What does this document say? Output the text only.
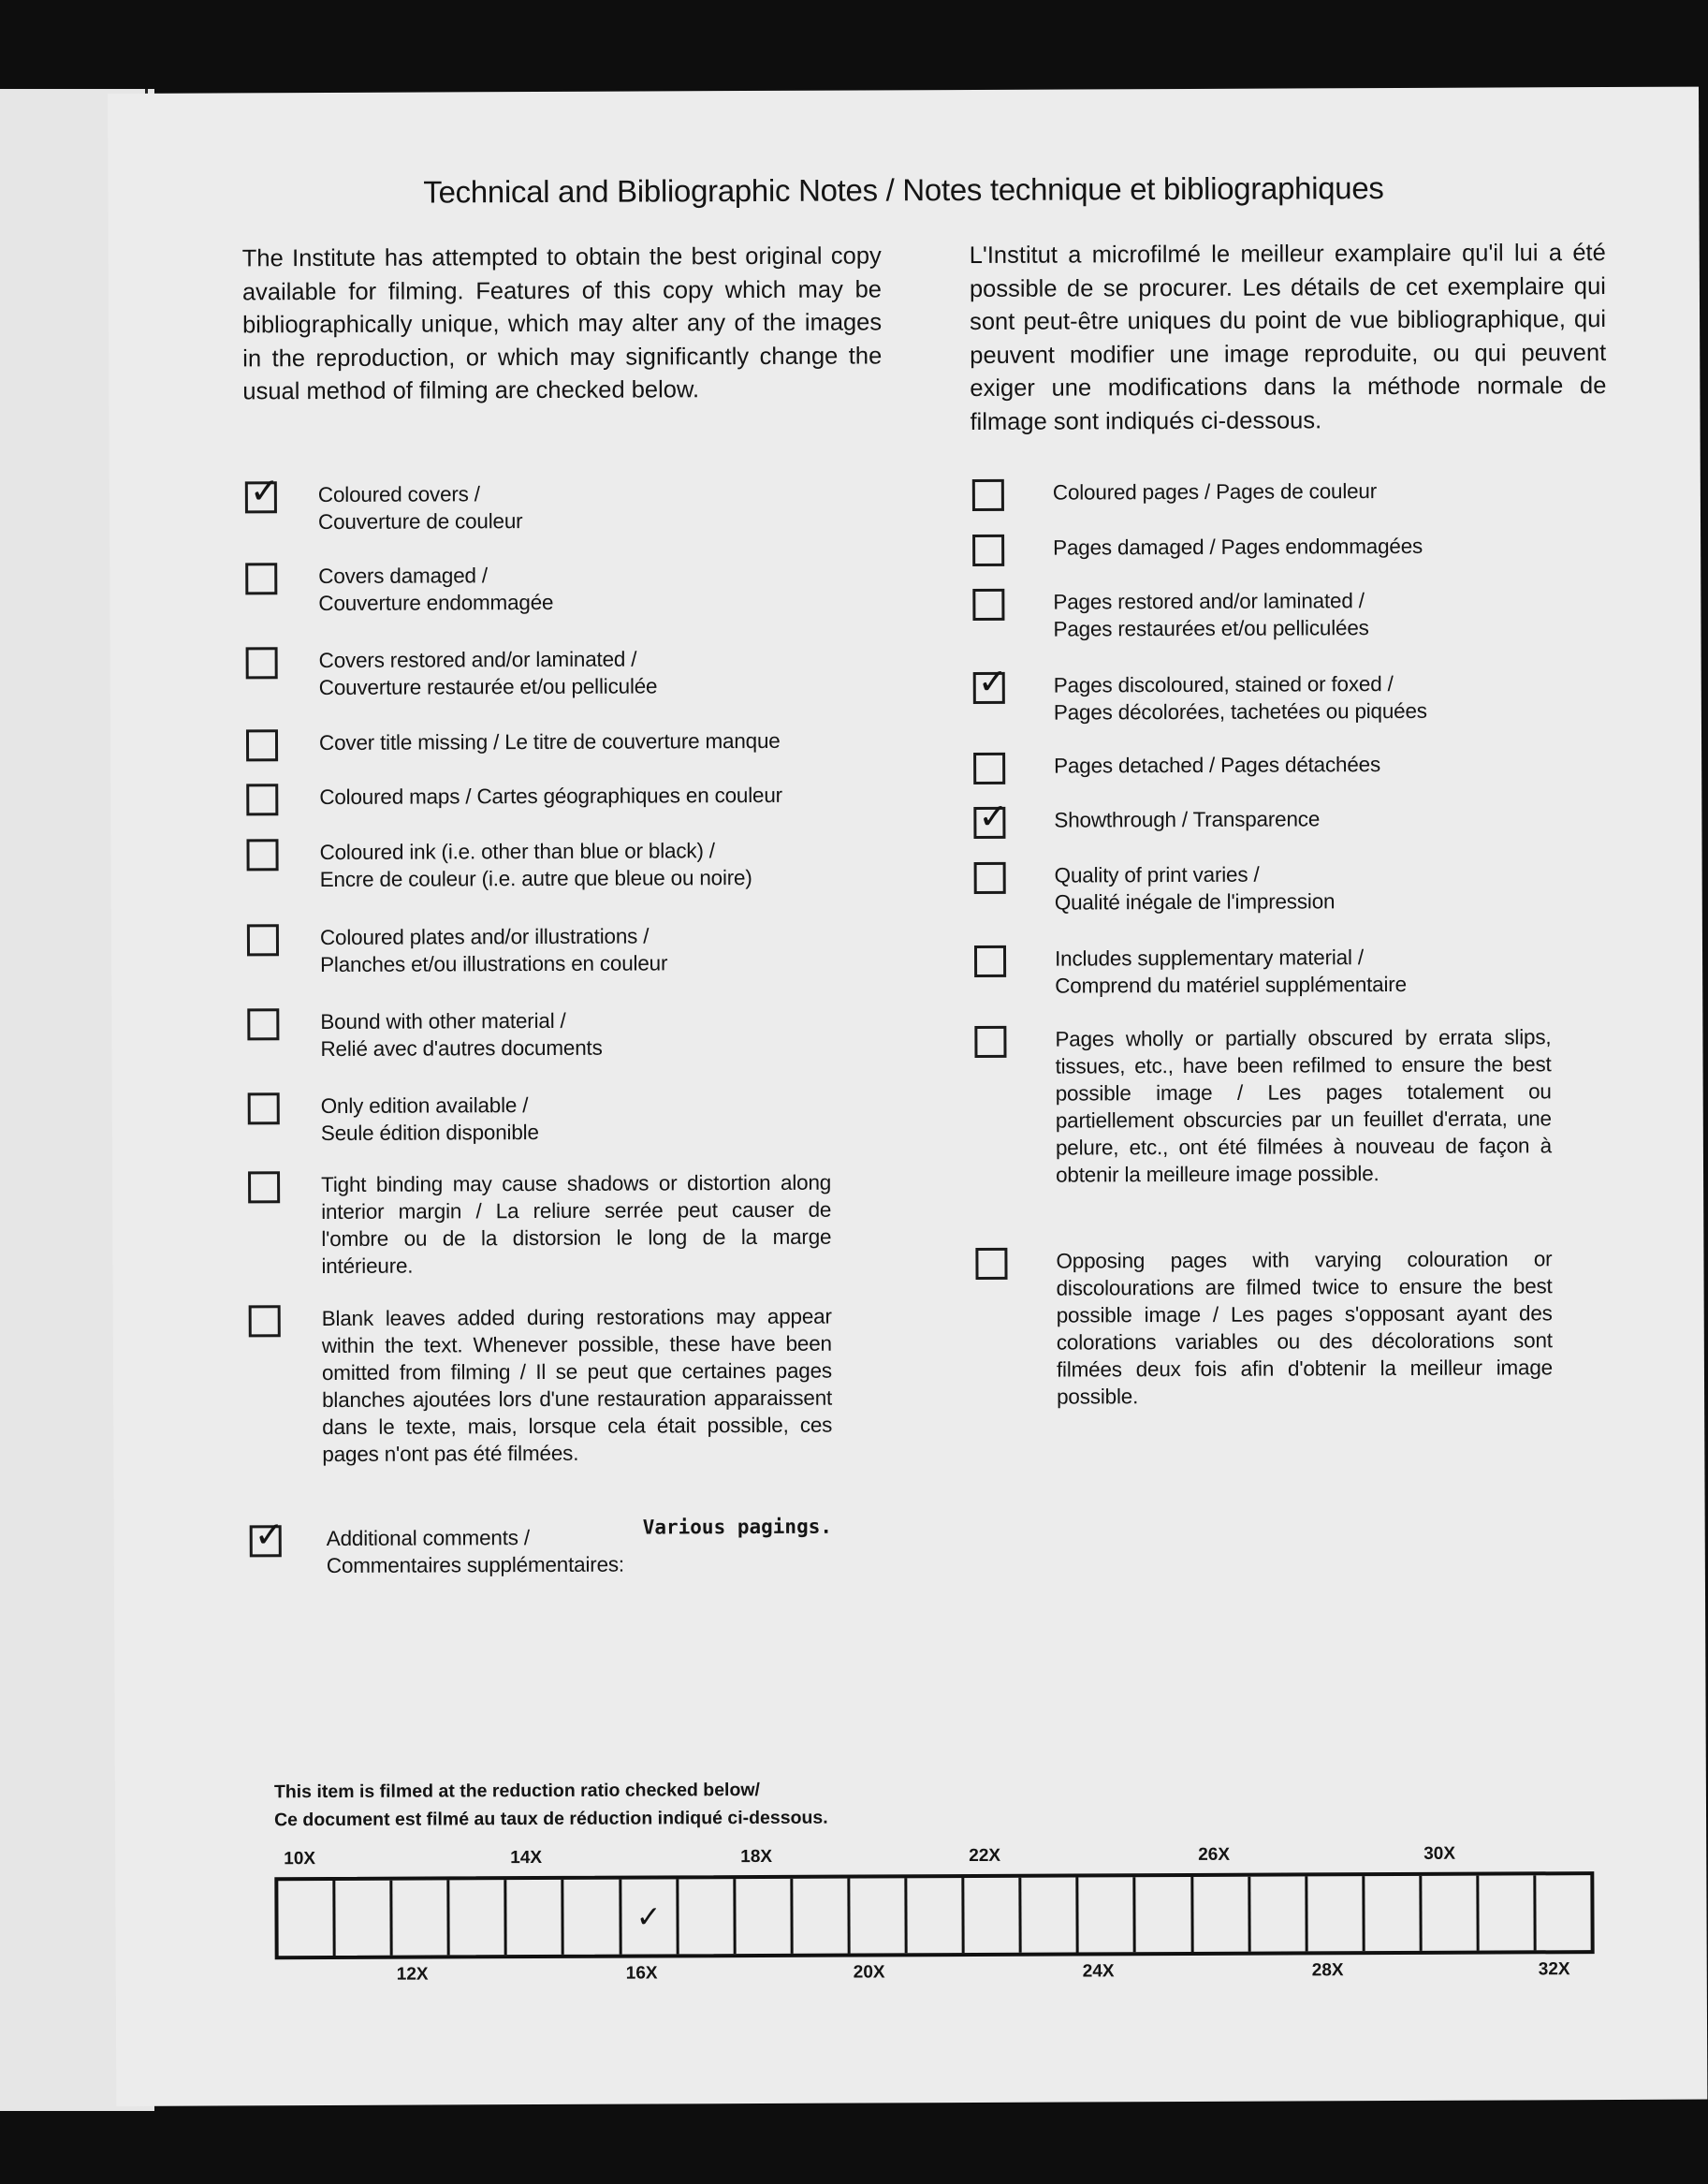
Technical and Bibliographic Notes / Notes technique et bibliographiques

The Institute has attempted to obtain the best original copy available for filming. Features of this copy which may be bibliographically unique, which may alter any of the images in the reproduction, or which may significantly change the usual method of filming are checked below.

L'Institut a microfilmé le meilleur examplaire qu'il lui a été possible de se procurer. Les détails de cet exemplaire qui sont peut-être uniques du point de vue bibliographique, qui peuvent modifier une image reproduite, ou qui peuvent exiger une modifications dans la méthode normale de filmage sont indiqués ci-dessous.

✓ Coloured covers /
Couverture de couleur
Covers damaged /
Couverture endommagée
Covers restored and/or laminated /
Couverture restaurée et/ou pelliculée
Cover title missing / Le titre de couverture manque
Coloured maps / Cartes géographiques en couleur
Coloured ink (i.e. other than blue or black) /
Encre de couleur (i.e. autre que bleue ou noire)
Coloured plates and/or illustrations /
Planches et/ou illustrations en couleur
Bound with other material /
Relié avec d'autres documents
Only edition available /
Seule édition disponible
Tight binding may cause shadows or distortion along interior margin / La reliure serrée peut causer de l'ombre ou de la distorsion le long de la marge intérieure.
Blank leaves added during restorations may appear within the text. Whenever possible, these have been omitted from filming / Il se peut que certaines pages blanches ajoutées lors d'une restauration apparaissent dans le texte, mais, lorsque cela était possible, ces pages n'ont pas été filmées.
Coloured pages / Pages de couleur
Pages damaged / Pages endommagées
Pages restored and/or laminated /
Pages restaurées et/ou pelliculées
✓ Pages discoloured, stained or foxed /
Pages décolorées, tachetées ou piquées
Pages detached / Pages détachées
✓ Showthrough / Transparence
Quality of print varies /
Qualité inégale de l'impression
Includes supplementary material /
Comprend du matériel supplémentaire
Pages wholly or partially obscured by errata slips, tissues, etc., have been refilmed to ensure the best possible image / Les pages totalement ou partiellement obscurcies par un feuillet d'errata, une pelure, etc., ont été filmées à nouveau de façon à obtenir la meilleure image possible.
Opposing pages with varying colouration or discolourations are filmed twice to ensure the best possible image / Les pages s'opposant ayant des colorations variables ou des décolorations sont filmées deux fois afin d'obtenir la meilleur image possible.
✓ Additional comments /
Commentaires supplémentaires:
Various pagings.
This item is filmed at the reduction ratio checked below/
Ce document est filmé au taux de réduction indiqué ci-dessous.
10X	14X	18X	22X	26X	30X
✓
12X	16X	20X	24X	28X	32X
